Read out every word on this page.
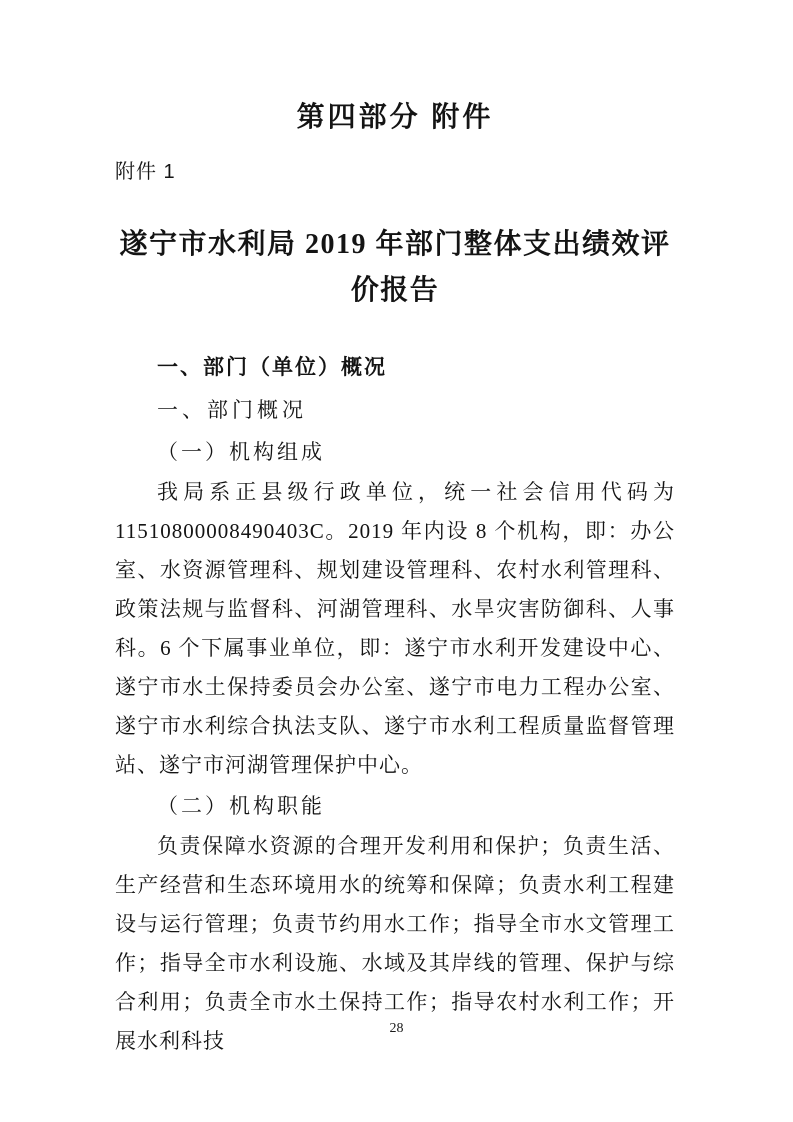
第四部分 附件
附件 1
遂宁市水利局 2019 年部门整体支出绩效评价报告
一、部门（单位）概况
一、部门概况
（一）机构组成

我局系正县级行政单位，统一社会信用代码为 11510800008490403C。2019 年内设 8 个机构，即：办公室、水资源管理科、规划建设管理科、农村水利管理科、政策法规与监督科、河湖管理科、水旱灾害防御科、人事科。6 个下属事业单位，即：遂宁市水利开发建设中心、遂宁市水土保持委员会办公室、遂宁市电力工程办公室、遂宁市水利综合执法支队、遂宁市水利工程质量监督管理站、遂宁市河湖管理保护中心。

（二）机构职能

负责保障水资源的合理开发利用和保护；负责生活、生产经营和生态环境用水的统筹和保障；负责水利工程建设与运行管理；负责节约用水工作；指导全市水文管理工作；指导全市水利设施、水域及其岸线的管理、保护与综合利用；负责全市水土保持工作；指导农村水利工作；开展水利科技

28
